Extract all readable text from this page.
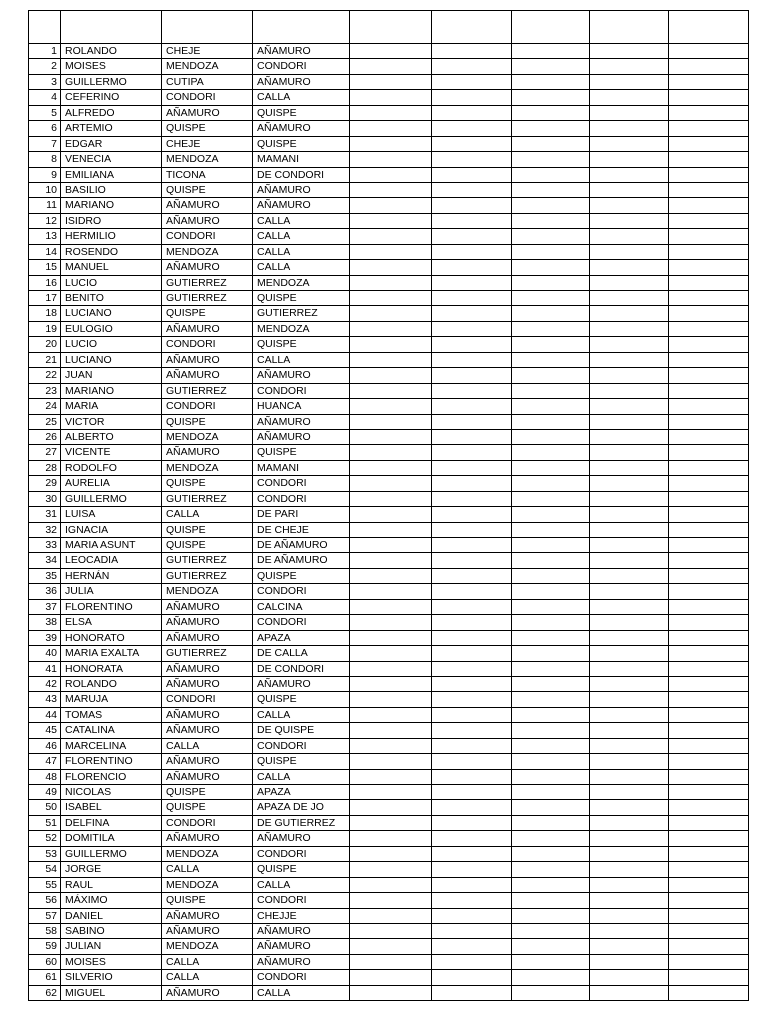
1 ROLANDO	CHEJE	AÑAMURO
2 MOISES	MENDOZA	CONDORI
3 GUILLERMO	CUTIPA	AÑAMURO
4 CEFERINO	CONDORI	CALLA
5 ALFREDO	AÑAMURO	QUISPE
6 ARTEMIO	QUISPE	AÑAMURO
7 EDGAR	CHEJE	QUISPE
8 VENECIA	MENDOZA	MAMANI
9 EMILIANA	TICONA	DE CONDORI
10 BASILIO	QUISPE	AÑAMURO
11 MARIANO	AÑAMURO	AÑAMURO
12 ISIDRO	AÑAMURO	CALLA
13 HERMILIO	CONDORI	CALLA
14 ROSENDO	MENDOZA	CALLA
15 MANUEL	AÑAMURO	CALLA
16 LUCIO	GUTIERREZ	MENDOZA
17 BENITO	GUTIERREZ	QUISPE
18 LUCIANO	QUISPE	GUTIERREZ
19 EULOGIO	AÑAMURO	MENDOZA
20 LUCIO	CONDORI	QUISPE
21 LUCIANO	AÑAMURO	CALLA
22 JUAN	AÑAMURO	AÑAMURO
23 MARIANO	GUTIERREZ	CONDORI
24 MARIA	CONDORI	HUANCA
25 VICTOR	QUISPE	AÑAMURO
26 ALBERTO	MENDOZA	AÑAMURO
27 VICENTE	AÑAMURO	QUISPE
28 RODOLFO	MENDOZA	MAMANI
29 AURELIA	QUISPE	CONDORI
30 GUILLERMO	GUTIERREZ	CONDORI
31 LUISA	CALLA	DE PARI
32 IGNACIA	QUISPE	DE CHEJE
33 MARIA ASUNT	QUISPE	DE AÑAMURO
34 LEOCADIA	GUTIERREZ	DE AÑAMURO
35 HERNÁN	GUTIERREZ	QUISPE
36 JULIA	MENDOZA	CONDORI
37 FLORENTINO	AÑAMURO	CALCINA
38 ELSA	AÑAMURO	CONDORI
39 HONORATO	AÑAMURO	APAZA
40 MARIA EXALTA	GUTIERREZ	DE CALLA
41 HONORATA	AÑAMURO	DE CONDORI
42 ROLANDO	AÑAMURO	AÑAMURO
43 MARUJA	CONDORI	QUISPE
44 TOMAS	AÑAMURO	CALLA
45 CATALINA	AÑAMURO	DE QUISPE
46 MARCELINA	CALLA	CONDORI
47 FLORENTINO	AÑAMURO	QUISPE
48 FLORENCIO	AÑAMURO	CALLA
49 NICOLAS	QUISPE	APAZA
50 ISABEL	QUISPE	APAZA DE JO
51 DELFINA	CONDORI	DE GUTIERREZ
52 DOMITILA	AÑAMURO	AÑAMURO
53 GUILLERMO	MENDOZA	CONDORI
54 JORGE	CALLA	QUISPE
55 RAUL	MENDOZA	CALLA
56 MÁXIMO	QUISPE	CONDORI
57 DANIEL	AÑAMURO	CHEJJE
58 SABINO	AÑAMURO	AÑAMURO
59 JULIAN	MENDOZA	AÑAMURO
60 MOISES	CALLA	AÑAMURO
61 SILVERIO	CALLA	CONDORI
62 MIGUEL	AÑAMURO	CALLA
